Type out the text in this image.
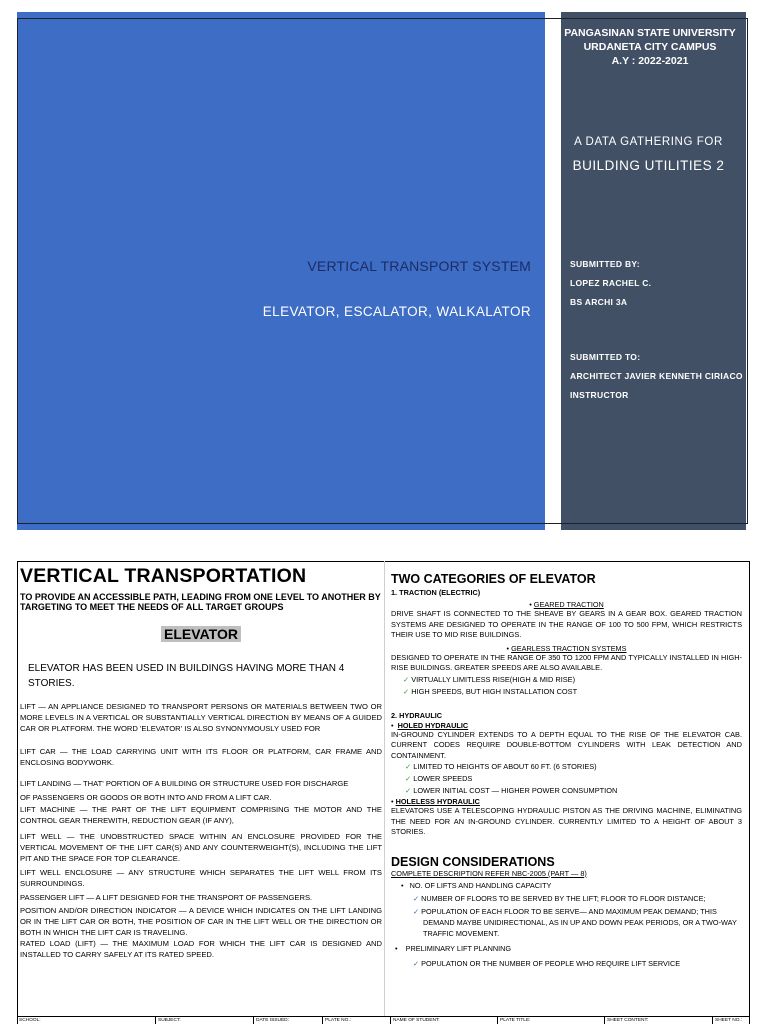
VERTICAL TRANSPORT SYSTEM
ELEVATOR, ESCALATOR, WALKALATOR
PANGASINAN STATE UNIVERSITY
URDANETA CITY CAMPUS
A.Y : 2022-2021
A DATA GATHERING FOR
BUILDING UTILITIES 2
SUBMITTED BY:
LOPEZ RACHEL C.
BS ARCHI 3A
SUBMITTED TO:
ARCHITECT JAVIER KENNETH CIRIACO
INSTRUCTOR

VERTICAL TRANSPORTATION

TO PROVIDE AN ACCESSIBLE PATH, LEADING FROM ONE LEVEL TO ANOTHER BY TARGETING TO MEET THE NEEDS OF ALL TARGET GROUPS

ELEVATOR

ELEVATOR HAS BEEN USED IN BUILDINGS HAVING MORE THAN 4 STORIES.

LIFT — AN APPLIANCE DESIGNED TO TRANSPORT PERSONS OR MATERIALS BETWEEN TWO OR MORE LEVELS IN A VERTICAL OR SUBSTANTIALLY VERTICAL DIRECTION BY MEANS OF A GUIDED CAR OR PLATFORM. THE WORD 'ELEVATOR' IS ALSO SYNONYMOUSLY USED FOR

LIFT CAR — THE LOAD CARRYING UNIT WITH ITS FLOOR OR PLATFORM, CAR FRAME AND ENCLOSING BODYWORK.

LIFT LANDING — THAT' PORTION OF A BUILDING OR STRUCTURE USED FOR DISCHARGE

OF PASSENGERS OR GOODS OR BOTH INTO AND FROM A LIFT CAR.

LIFT MACHINE — THE PART OF THE LIFT EQUIPMENT COMPRISING THE MOTOR AND THE CONTROL GEAR THEREWITH, REDUCTION GEAR (IF ANY),

LIFT WELL — THE UNOBSTRUCTED SPACE WITHIN AN ENCLOSURE PROVIDED FOR THE VERTICAL MOVEMENT OF THE LIFT CAR(S) AND ANY COUNTERWEIGHT(S), INCLUDING THE LIFT PIT AND THE SPACE FOR TOP CLEARANCE.

LIFT WELL ENCLOSURE — ANY STRUCTURE WHICH SEPARATES THE LIFT WELL FROM ITS SURROUNDINGS.

PASSENGER LIFT — A LIFT DESIGNED FOR THE TRANSPORT OF PASSENGERS.

POSITION AND/OR DIRECTION INDICATOR — A DEVICE WHICH INDICATES ON THE LIFT LANDING OR IN THE LIFT CAR OR BOTH, THE POSITION OF CAR IN THE LIFT WELL OR THE DIRECTION OR BOTH IN WHICH THE LIFT CAR IS TRAVELING.

RATED LOAD (LIFT) — THE MAXIMUM LOAD FOR WHICH THE LIFT CAR IS DESIGNED AND INSTALLED TO CARRY SAFELY AT ITS RATED SPEED.

TWO CATEGORIES OF ELEVATOR

1. TRACTION (ELECTRIC)

• GEARED TRACTION

DRIVE SHAFT IS CONNECTED TO THE SHEAVE BY GEARS IN A GEAR BOX. GEARED TRACTION SYSTEMS ARE DESIGNED TO OPERATE IN THE RANGE OF 100 TO 500 FPM, WHICH RESTRICTS THEIR USE TO MID RISE BUILDINGS.

• GEARLESS TRACTION SYSTEMS

DESIGNED TO OPERATE IN THE RANGE OF 350 TO 1200 FPM AND TYPICALLY INSTALLED IN HIGH-RISE BUILDINGS. GREATER SPEEDS ARE ALSO AVAILABLE.

✓ VIRTUALLY LIMITLESS RISE(HIGH & MID RISE)

✓ HIGH SPEEDS, BUT HIGH INSTALLATION COST

2. HYDRAULIC

•  HOLED HYDRAULIC

IN-GROUND CYLINDER EXTENDS TO A DEPTH EQUAL TO THE RISE OF THE ELEVATOR CAB. CURRENT CODES REQUIRE DOUBLE-BOTTOM CYLINDERS WITH LEAK DETECTION AND CONTAINMENT.

✓ LIMITED TO HEIGHTS OF ABOUT 60 FT. (6 STORIES)

✓ LOWER SPEEDS

✓ LOWER INITIAL COST — HIGHER POWER CONSUMPTION

• HOLELESS HYDRAULIC

ELEVATORS USE A TELESCOPING HYDRAULIC PISTON AS THE DRIVING MACHINE, ELIMINATING THE NEED FOR AN IN-GROUND CYLINDER. CURRENTLY LIMITED TO A HEIGHT OF ABOUT 3 STORIES.

DESIGN CONSIDERATIONS

COMPLETE DESCRIPTION REFER NBC-2005 (PART — 8)

•   NO. OF LIFTS AND HANDLING CAPACITY

✓ NUMBER OF FLOORS TO BE SERVED BY THE LIFT; FLOOR TO FLOOR DISTANCE;

✓ POPULATION OF EACH FLOOR TO BE SERVE— AND MAXIMUM PEAK DEMAND; THIS DEMAND MAYBE UNIDIRECTIONAL, AS IN UP AND DOWN PEAK PERIODS, OR A TWO-WAY TRAFFIC MOVEMENT.

•    PRELIMINARY LIFT PLANNING

✓ POPULATION OR THE NUMBER OF PEOPLE WHO REQUIRE LIFT SERVICE

SCHOOL:	SUBJECT:	DATE ISSUED:	PLATE NO.:	NAME OF STUDENT:	PLATE TITLE:	SHEET CONTENT:	SHEET NO.:
